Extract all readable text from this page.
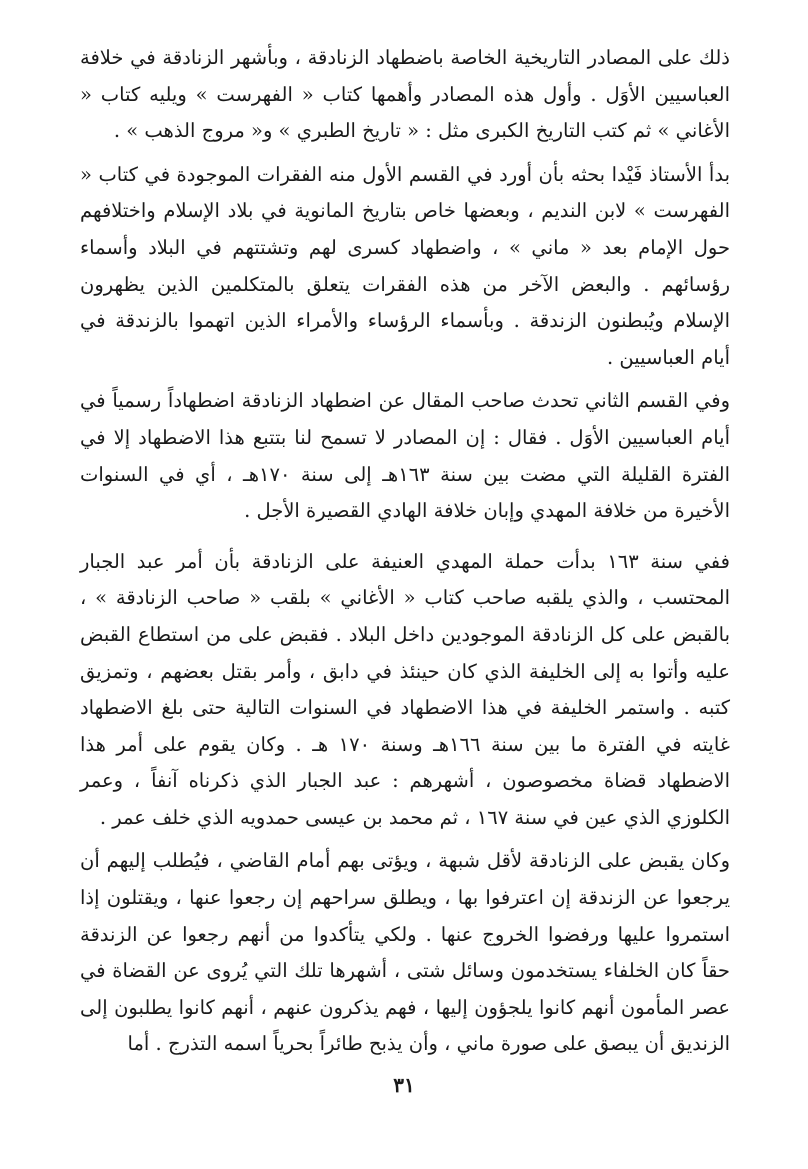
ذلك على المصادر التاريخية الخاصة باضطهاد الزنادقة ، وبأشهر الزنادقة في خلافة العباسيين الأوَل . وأول هذه المصادر وأهمها كتاب « الفهرست » ويليه كتاب « الأغاني » ثم كتب التاريخ الكبرى مثل : « تاريخ الطبري » و« مروج الذهب » .

بدأ الأستاذ فَيْدا بحثه بأن أورد في القسم الأول منه الفقرات الموجودة في كتاب « الفهرست » لابن النديم ، وبعضها خاص بتاريخ المانوية في بلاد الإسلام واختلافهم حول الإمام بعد « ماني » ، واضطهاد كسرى لهم وتشتتهم في البلاد وأسماء رؤسائهم . والبعض الآخر من هذه الفقرات يتعلق بالمتكلمين الذين يظهرون الإسلام ويُبطنون الزندقة . وبأسماء الرؤساء والأمراء الذين اتهموا بالزندقة في أيام العباسيين .

وفي القسم الثاني تحدث صاحب المقال عن اضطهاد الزنادقة اضطهاداً رسمياً في أيام العباسيين الأوَل . فقال : إن المصادر لا تسمح لنا بتتبع هذا الاضطهاد إلا في الفترة القليلة التي مضت بين سنة ١٦٣هـ إلى سنة ١٧٠هـ ، أي في السنوات الأخيرة من خلافة المهدي وإبان خلافة الهادي القصيرة الأجل .

ففي سنة ١٦٣ بدأت حملة المهدي العنيفة على الزنادقة بأن أمر عبد الجبار المحتسب ، والذي يلقبه صاحب كتاب « الأغاني » بلقب « صاحب الزنادقة » ، بالقبض على كل الزنادقة الموجودين داخل البلاد . فقبض على من استطاع القبض عليه وأتوا به إلى الخليفة الذي كان حينئذ في دابق ، وأمر بقتل بعضهم ، وتمزيق كتبه . واستمر الخليفة في هذا الاضطهاد في السنوات التالية حتى بلغ الاضطهاد غايته في الفترة ما بين سنة ١٦٦هـ وسنة ١٧٠ هـ . وكان يقوم على أمر هذا الاضطهاد قضاة مخصوصون ، أشهرهم : عبد الجبار الذي ذكرناه آنفاً ، وعمر الكلوزي الذي عين في سنة ١٦٧ ، ثم محمد بن عيسى حمدويه الذي خلف عمر .

وكان يقبض على الزنادقة لأقل شبهة ، ويؤتى بهم أمام القاضي ، فيُطلب إليهم أن يرجعوا عن الزندقة إن اعترفوا بها ، ويطلق سراحهم إن رجعوا عنها ، ويقتلون إذا استمروا عليها ورفضوا الخروج عنها . ولكي يتأكدوا من أنهم رجعوا عن الزندقة حقاً كان الخلفاء يستخدمون وسائل شتى ، أشهرها تلك التي يُروى عن القضاة في عصر المأمون أنهم كانوا يلجؤون إليها ، فهم يذكرون عنهم ، أنهم كانوا يطلبون إلى الزنديق أن يبصق على صورة ماني ، وأن يذبح طائراً بحرياً اسمه التذرج . أما

٣١
